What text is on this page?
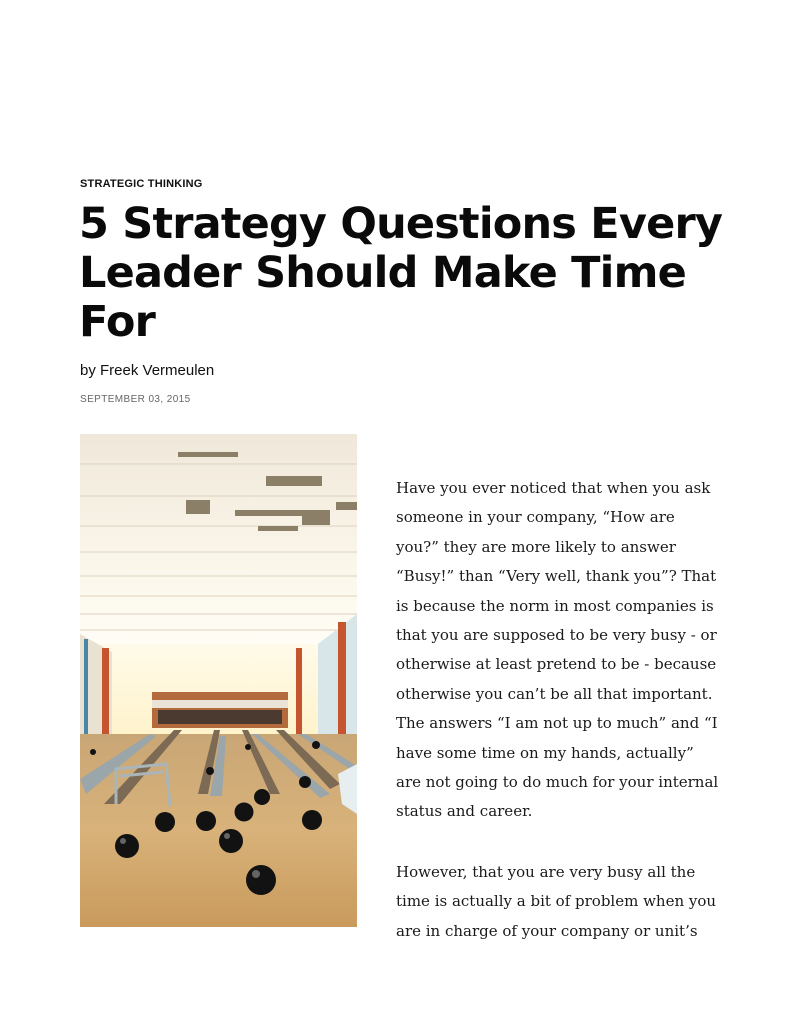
STRATEGIC THINKING
5 Strategy Questions Every
Leader Should Make Time
For
by Freek Vermeulen
SEPTEMBER 03, 2015

Have you ever noticed that when you ask
someone in your company, “How are
you?” they are more likely to answer
“Busy!” than “Very well, thank you”? That
is because the norm in most companies is
that you are supposed to be very busy - or
otherwise at least pretend to be - because
otherwise you can’t be all that important.
The answers “I am not up to much” and “I
have some time on my hands, actually”
are not going to do much for your internal
status and career.

However, that you are very busy all the
time is actually a bit of problem when you
are in charge of your company or unit’s
